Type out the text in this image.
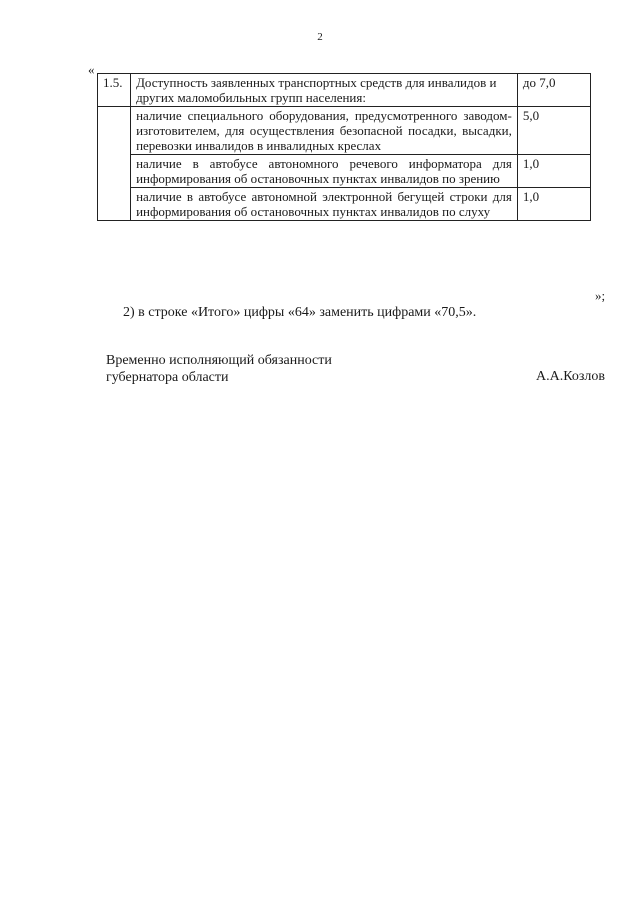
2
«
1.5.	Доступность заявленных транспортных средств для инвалидов и других маломобильных групп населения:	до 7,0
	наличие специального оборудования, предусмотренного заводом-изготовителем, для осуществления безопасной посадки, высадки, перевозки инвалидов в инвалидных креслах	5,0
	наличие в автобусе автономного речевого информатора для информирования об остановочных пунктах инвалидов по зрению	1,0
	наличие в автобусе автономной электронной бегущей строки для информирования об остановочных пунктах инвалидов по слуху	1,0
»;
2) в строке «Итого» цифры «64» заменить цифрами «70,5».
Временно исполняющий обязанности
губернатора области	А.А.Козлов
